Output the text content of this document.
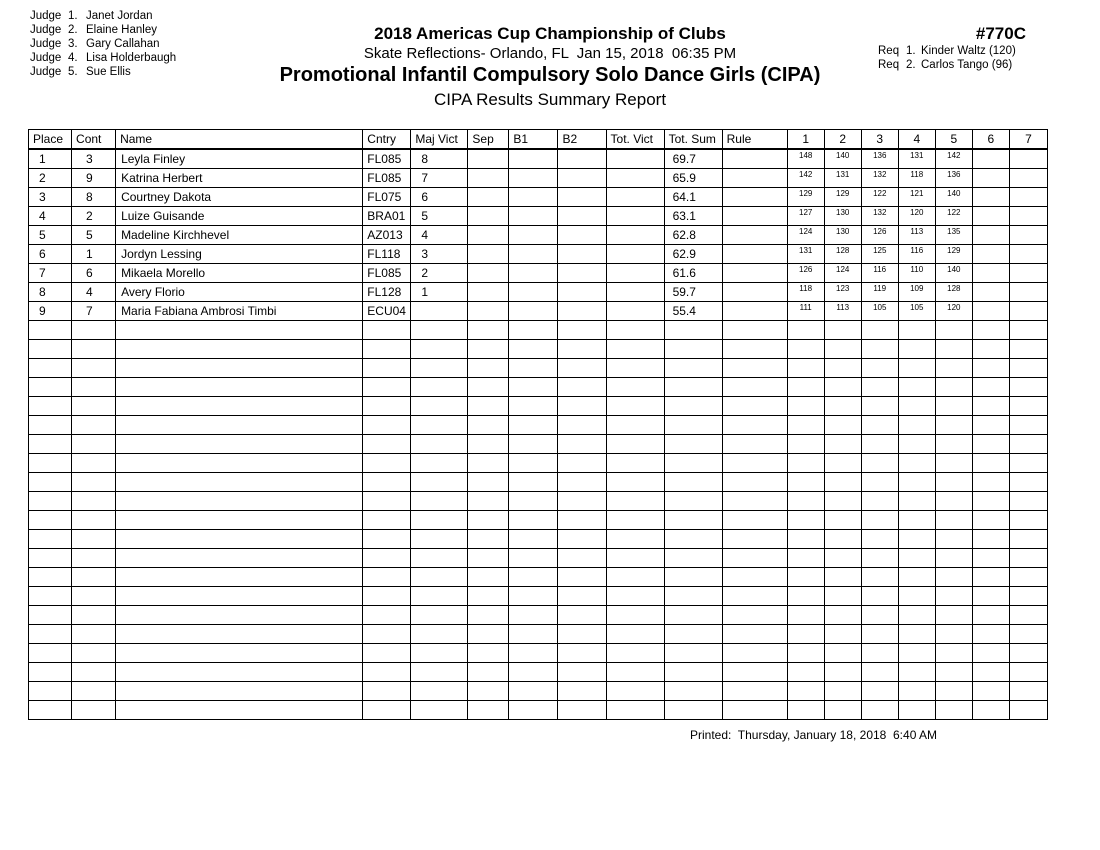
Judge 1. Janet Jordan
Judge 2. Elaine Hanley
Judge 3. Gary Callahan
Judge 4. Lisa Holderbaugh
Judge 5. Sue Ellis
2018 Americas Cup Championship of Clubs
Skate Reflections- Orlando, FL  Jan 15, 2018  06:35 PM
Promotional Infantil Compulsory Solo Dance Girls (CIPA)
CIPA Results Summary Report
#770C
Req 1. Kinder Waltz (120)
Req 2. Carlos Tango (96)
Place	Cont	Name	Cntry	Maj Vict	Sep	B1	B2	Tot. Vict	Tot. Sum	Rule	1	2	3	4	5	6	7
1	3	Leyla Finley	FL085	8					69.7		148	140	136	131	142		
2	9	Katrina Herbert	FL085	7					65.9		142	131	132	118	136		
3	8	Courtney Dakota	FL075	6					64.1		129	129	122	121	140		
4	2	Luize Guisande	BRA01	5					63.1		127	130	132	120	122		
5	5	Madeline Kirchhevel	AZ013	4					62.8		124	130	126	113	135		
6	1	Jordyn Lessing	FL118	3					62.9		131	128	125	116	129		
7	6	Mikaela Morello	FL085	2					61.6		126	124	116	110	140		
8	4	Avery Florio	FL128	1					59.7		118	123	119	109	128		
9	7	Maria Fabiana Ambrosi Timbi	ECU04						55.4		111	113	105	105	120		

Printed:  Thursday, January 18, 2018  6:40 AM
